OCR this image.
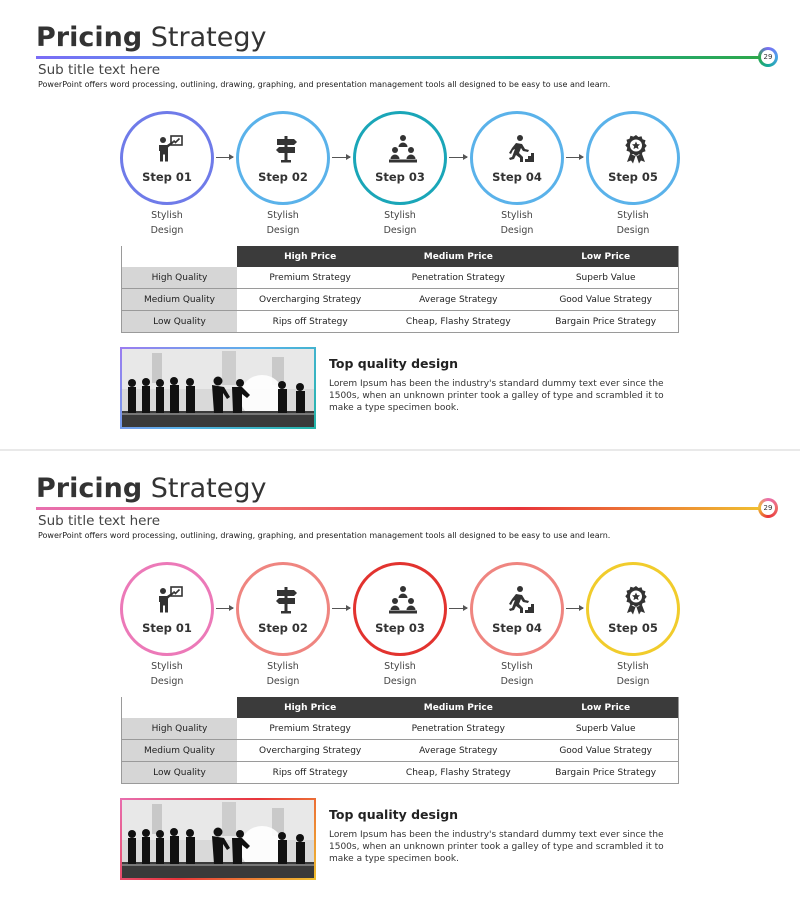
Pricing Strategy
29
Sub title text here
PowerPoint offers word processing, outlining, drawing, graphing, and presentation management tools all designed to be easy to use and learn.
	High Price	Medium Price	Low Price
High Quality	Premium Strategy	Penetration Strategy	Superb Value
Medium Quality	Overcharging Strategy	Average Strategy	Good Value Strategy
Low Quality	Rips off Strategy	Cheap, Flashy Strategy	Bargain Price Strategy
Top quality design
Lorem Ipsum has been the industry's standard dummy text ever since the 1500s, when an unknown printer took a galley of type and scrambled it to make a type specimen book.
Step 01
Stylish
Design
Step 02
Stylish
Design
Step 03
Stylish
Design
Step 04
Stylish
Design
Step 05
Stylish
Design
Pricing Strategy
29
Sub title text here
PowerPoint offers word processing, outlining, drawing, graphing, and presentation management tools all designed to be easy to use and learn.
	High Price	Medium Price	Low Price
High Quality	Premium Strategy	Penetration Strategy	Superb Value
Medium Quality	Overcharging Strategy	Average Strategy	Good Value Strategy
Low Quality	Rips off Strategy	Cheap, Flashy Strategy	Bargain Price Strategy
Top quality design
Lorem Ipsum has been the industry's standard dummy text ever since the 1500s, when an unknown printer took a galley of type and scrambled it to make a type specimen book.
Step 01
Stylish
Design
Step 02
Stylish
Design
Step 03
Stylish
Design
Step 04
Stylish
Design
Step 05
Stylish
Design
